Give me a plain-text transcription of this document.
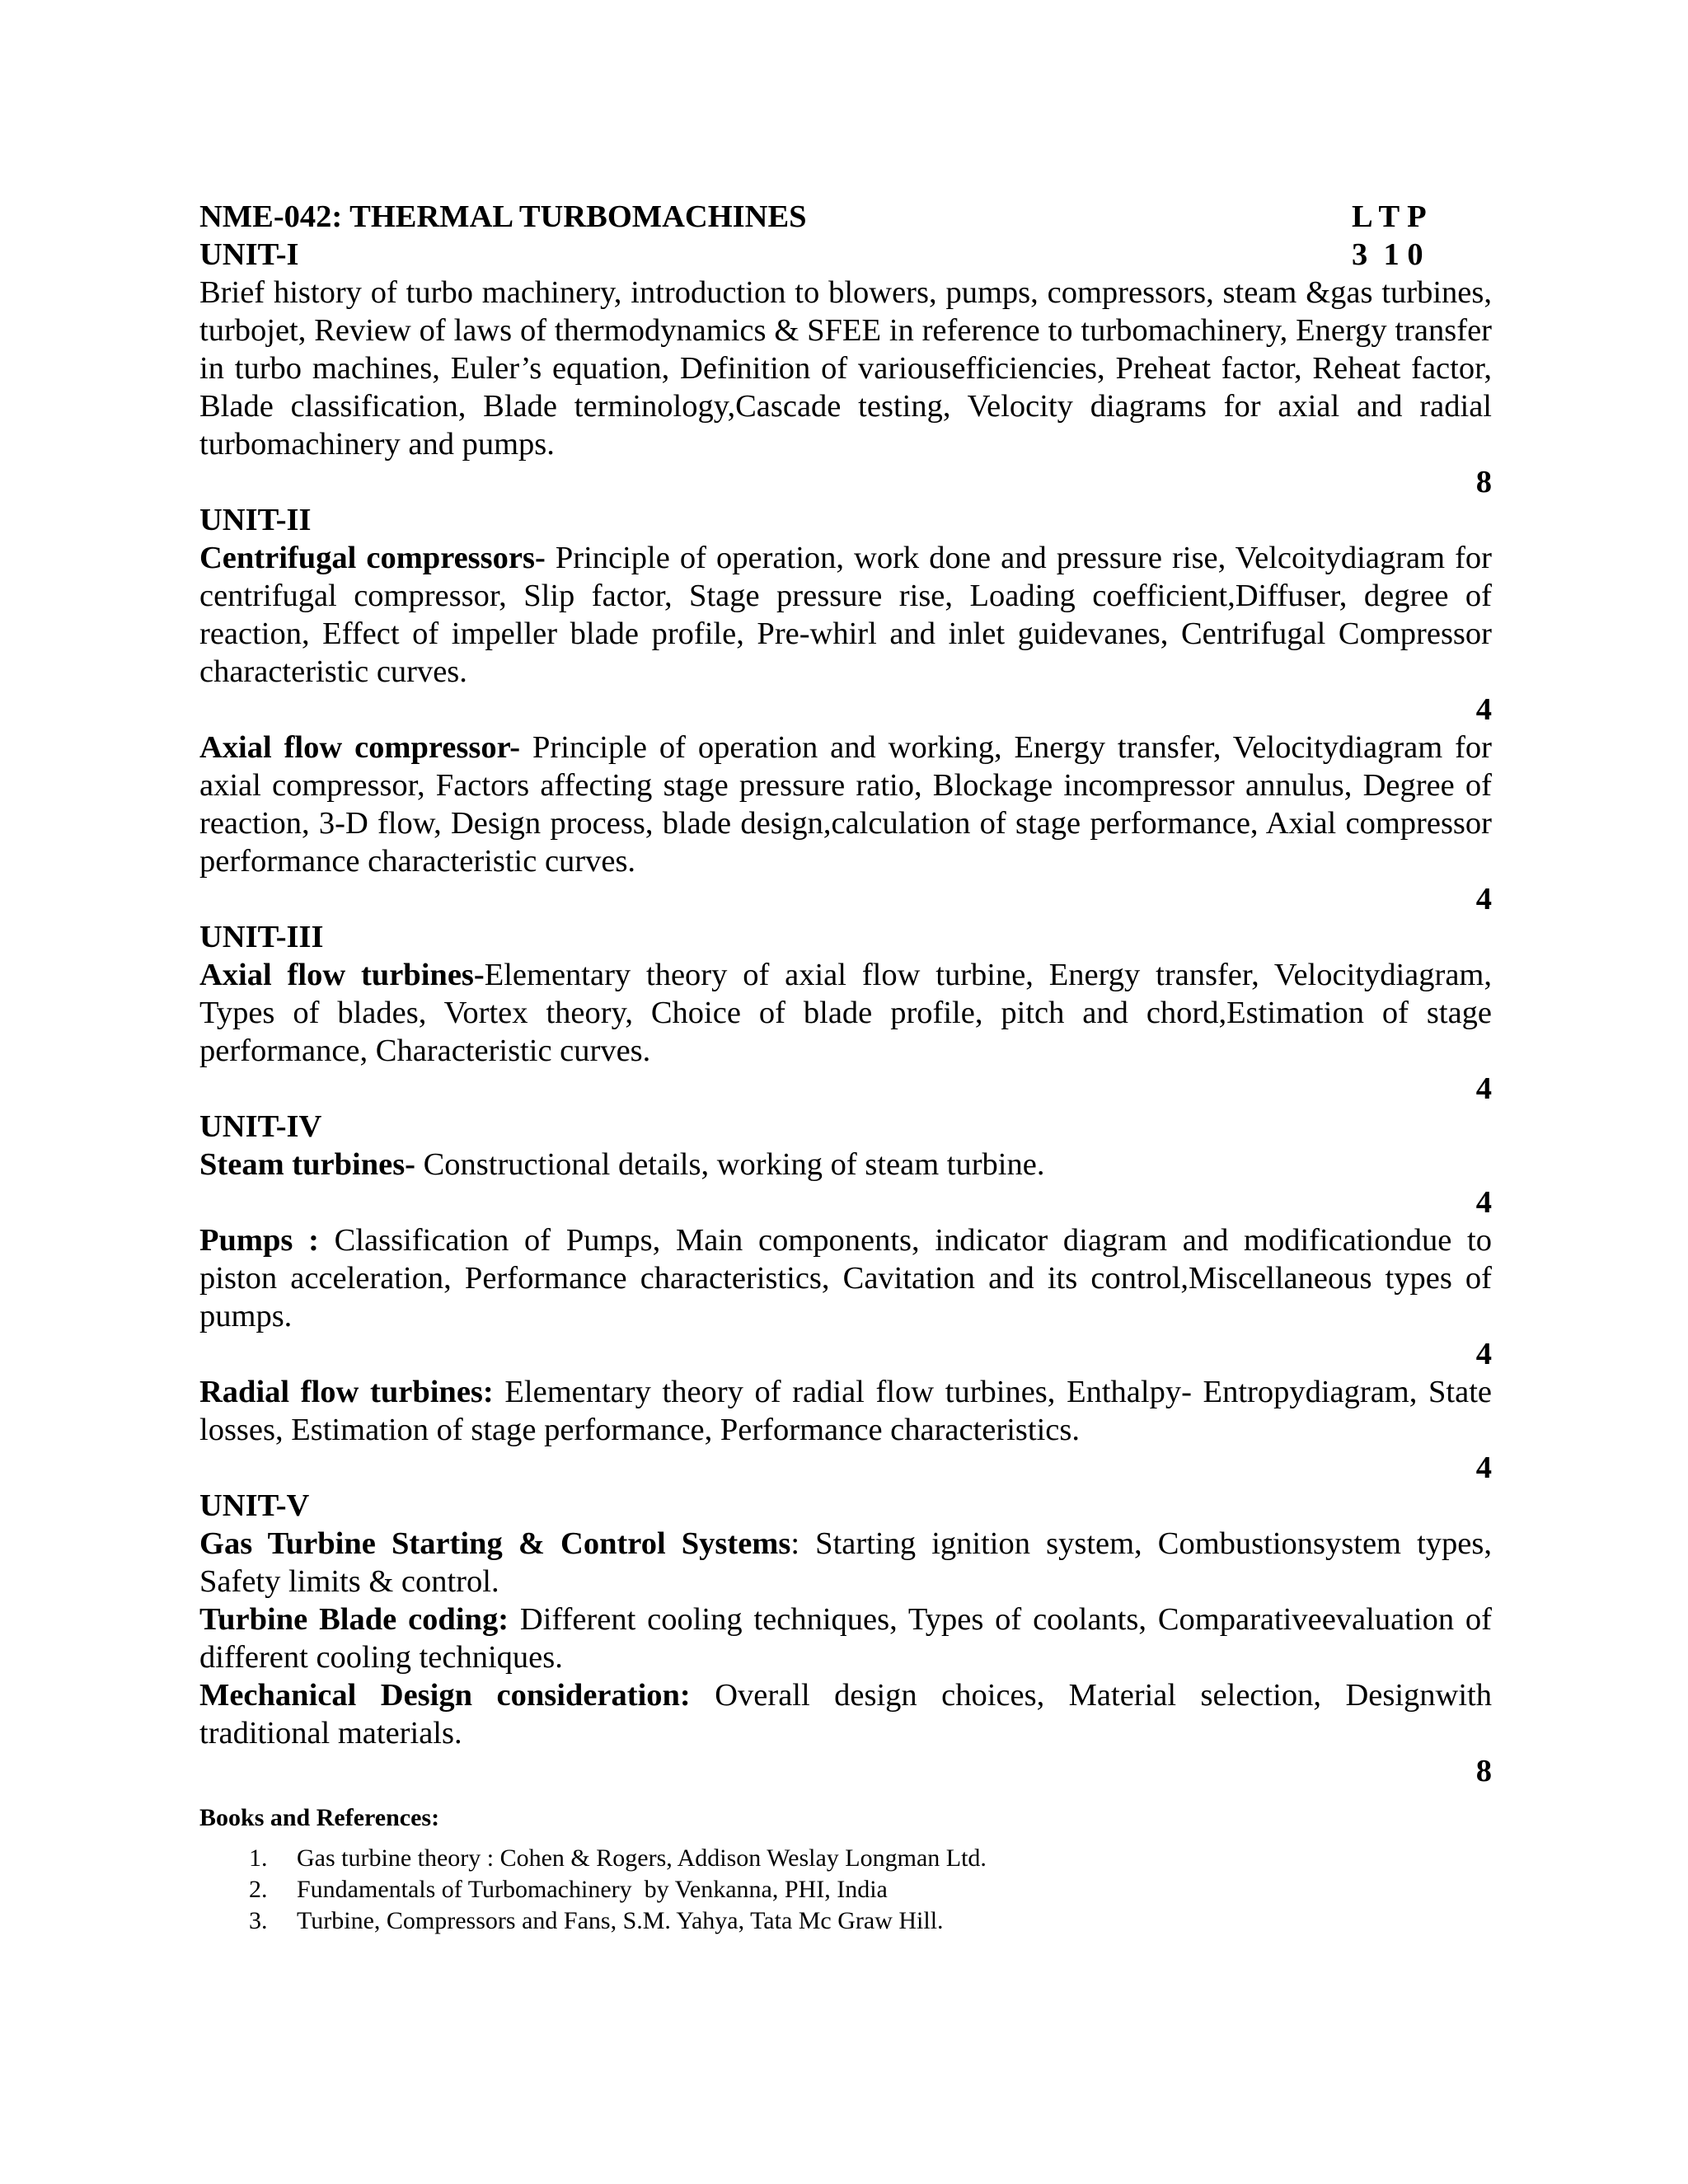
NME-042: THERMAL TURBOMACHINES	L T P
3  1 0
UNIT-I
Brief history of turbo machinery, introduction to blowers, pumps, compressors, steam &gas turbines, turbojet, Review of laws of thermodynamics & SFEE in reference to turbomachinery, Energy transfer in turbo machines, Euler’s equation, Definition of variousefficiencies, Preheat factor, Reheat factor, Blade classification, Blade terminology,Cascade testing, Velocity diagrams for axial and radial turbomachinery and pumps.
8
UNIT-II
Centrifugal compressors- Principle of operation, work done and pressure rise, Velcoitydiagram for centrifugal compressor, Slip factor, Stage pressure rise, Loading coefficient,Diffuser, degree of reaction, Effect of impeller blade profile, Pre-whirl and inlet guidevanes, Centrifugal Compressor characteristic curves.
4
Axial flow compressor- Principle of operation and working, Energy transfer, Velocitydiagram for axial compressor, Factors affecting stage pressure ratio, Blockage incompressor annulus, Degree of reaction, 3-D flow, Design process, blade design,calculation of stage performance, Axial compressor performance characteristic curves.
4
UNIT-III
Axial flow turbines-Elementary theory of axial flow turbine, Energy transfer, Velocitydiagram, Types of blades, Vortex theory, Choice of blade profile, pitch and chord,Estimation of stage performance, Characteristic curves.
4
UNIT-IV
Steam turbines- Constructional details, working of steam turbine.
4
Pumps : Classification of Pumps, Main components, indicator diagram and modificationdue to piston acceleration, Performance characteristics, Cavitation and its control,Miscellaneous types of pumps.
4
Radial flow turbines: Elementary theory of radial flow turbines, Enthalpy- Entropydiagram, State losses, Estimation of stage performance, Performance characteristics.
4
UNIT-V
Gas Turbine Starting & Control Systems: Starting ignition system, Combustionsystem types, Safety limits & control.
Turbine Blade coding: Different cooling techniques, Types of coolants, Comparativeevaluation of different cooling techniques.
Mechanical Design consideration: Overall design choices, Material selection, Designwith traditional materials.
8
Books and References:
1.	Gas turbine theory : Cohen & Rogers, Addison Weslay Longman Ltd.
2.	Fundamentals of Turbomachinery  by Venkanna, PHI, India
3.	Turbine, Compressors and Fans, S.M. Yahya, Tata Mc Graw Hill.
